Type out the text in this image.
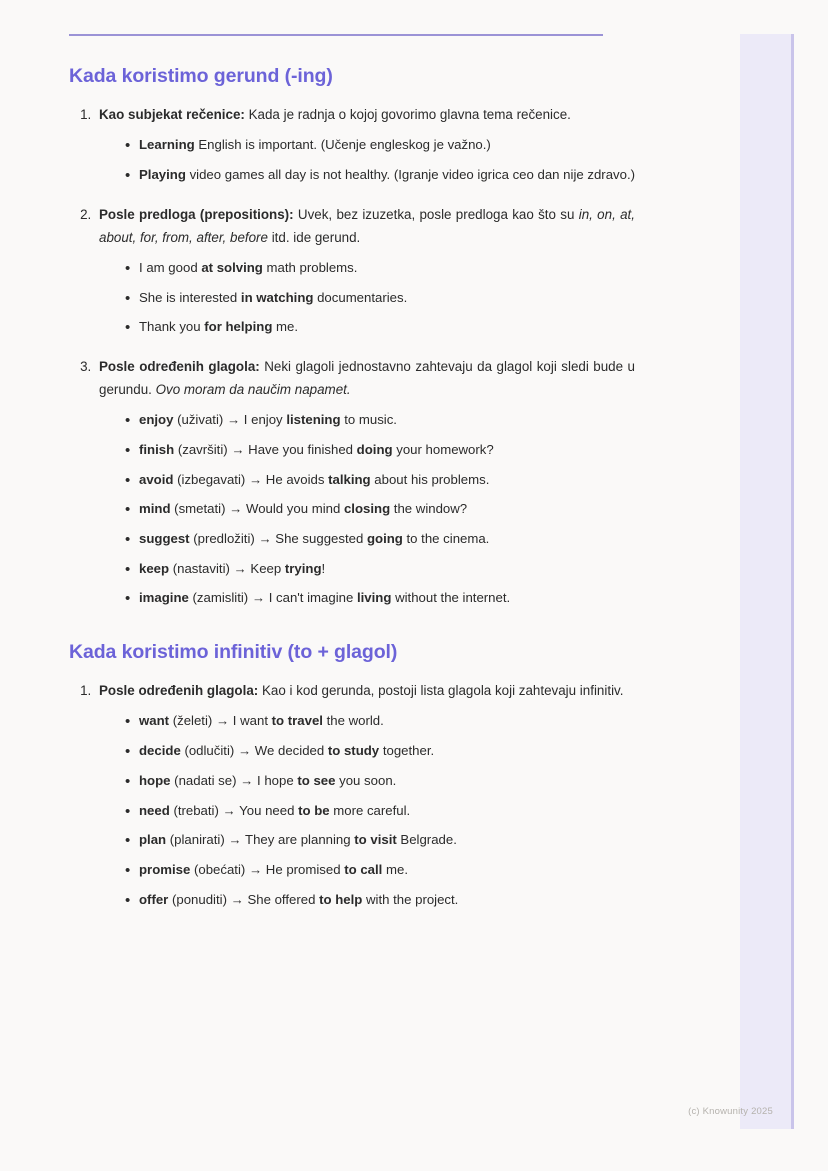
Kada koristimo gerund (-ing)
1. Kao subjekat rečenice: Kada je radnja o kojoj govorimo glavna tema rečenice.
• Learning English is important. (Učenje engleskog je važno.)
• Playing video games all day is not healthy. (Igranje video igrica ceo dan nije zdravo.)
2. Posle predloga (prepositions): Uvek, bez izuzetka, posle predloga kao što su in, on, at, about, for, from, after, before itd. ide gerund.
• I am good at solving math problems.
• She is interested in watching documentaries.
• Thank you for helping me.
3. Posle određenih glagola: Neki glagoli jednostavno zahtevaju da glagol koji sledi bude u gerundu. Ovo moram da naučim napamet.
• enjoy (uživati) → I enjoy listening to music.
• finish (završiti) → Have you finished doing your homework?
• avoid (izbegavati) → He avoids talking about his problems.
• mind (smetati) → Would you mind closing the window?
• suggest (predložiti) → She suggested going to the cinema.
• keep (nastaviti) → Keep trying!
• imagine (zamisliti) → I can't imagine living without the internet.
Kada koristimo infinitiv (to + glagol)
1. Posle određenih glagola: Kao i kod gerunda, postoji lista glagola koji zahtevaju infinitiv.
• want (želeti) → I want to travel the world.
• decide (odlučiti) → We decided to study together.
• hope (nadati se) → I hope to see you soon.
• need (trebati) → You need to be more careful.
• plan (planirati) → They are planning to visit Belgrade.
• promise (obećati) → He promised to call me.
• offer (ponuditi) → She offered to help with the project.
(c) Knowunity 2025
